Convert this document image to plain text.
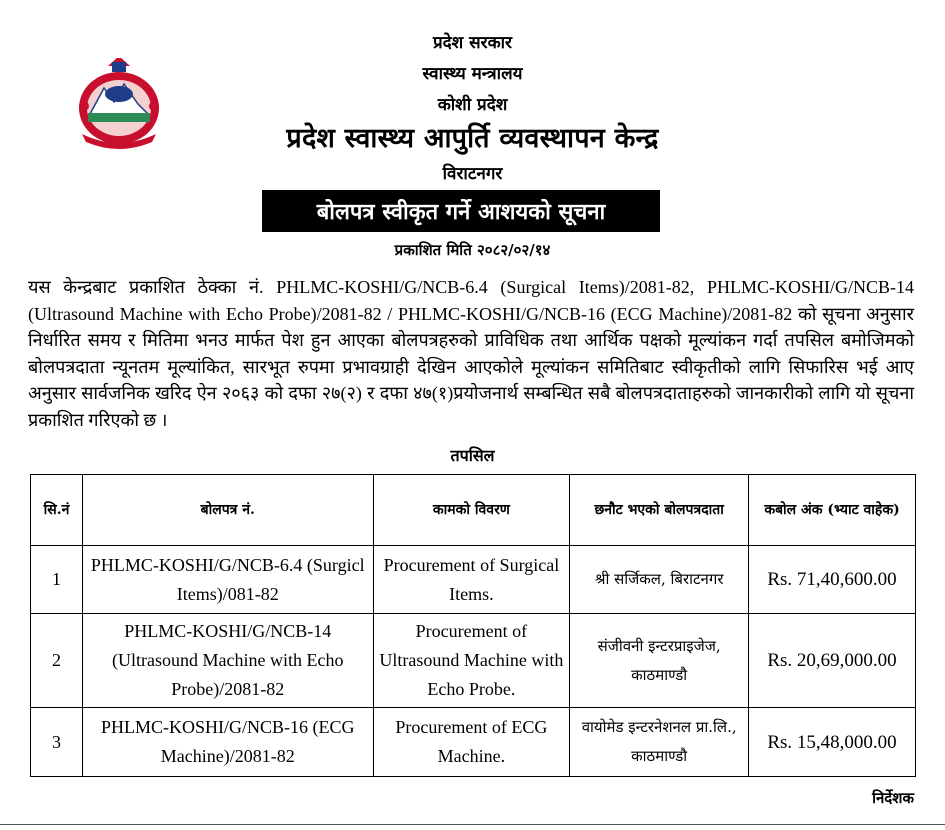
प्रदेश सरकार
स्वास्थ्य मन्त्रालय
कोशी प्रदेश
प्रदेश स्वास्थ्य आपुर्ति व्यवस्थापन केन्द्र
विराटनगर
बोलपत्र स्वीकृत गर्ने आशयको सूचना
प्रकाशित मिति २०८२/०२/१४

यस केन्द्रबाट प्रकाशित ठेक्का नं. PHLMC-KOSHI/G/NCB-6.4 (Surgical Items)/2081-82, PHLMC-KOSHI/G/NCB-14 (Ultrasound Machine with Echo Probe)/2081-82 / PHLMC-KOSHI/G/NCB-16 (ECG Machine)/2081-82 को सूचना अनुसार निर्धारित समय र मितिमा भनउ मार्फत पेश हुन आएका बोलपत्रहरुको प्राविधिक तथा आर्थिक पक्षको मूल्यांकन गर्दा तपसिल बमोजिमको बोलपत्रदाता न्यूनतम मूल्यांकित, सारभूत रुपमा प्रभावग्राही देखिन आएकोले मूल्यांकन समितिबाट स्वीकृतीको लागि सिफारिस भई आए अनुसार सार्वजनिक खरिद ऐन २०६३ को दफा २७(२) र दफा ४७(१)प्रयोजनार्थ सम्बन्धित सबै बोलपत्रदाताहरुको जानकारीको लागि यो सूचना प्रकाशित गरिएको छ ।

तपसिल
सि.नं	बोलपत्र नं.	कामको विवरण	छनौट भएको बोलपत्रदाता	कबोल अंक (भ्याट वाहेक)
1	PHLMC-KOSHI/G/NCB-6.4 (Surgicl Items)/081-82	Procurement of Surgical Items.	श्री सर्जिकल, बिराटनगर	Rs. 71,40,600.00
2	PHLMC-KOSHI/G/NCB-14 (Ultrasound Machine with Echo Probe)/2081-82	Procurement of Ultrasound Machine with Echo Probe.	संजीवनी इन्टरप्राइजेज, काठमाण्डौ	Rs. 20,69,000.00
3	PHLMC-KOSHI/G/NCB-16 (ECG Machine)/2081-82	Procurement of ECG Machine.	वायोमेड इन्टरनेशनल प्रा.लि., काठमाण्डौ	Rs. 15,48,000.00
निर्देशक
